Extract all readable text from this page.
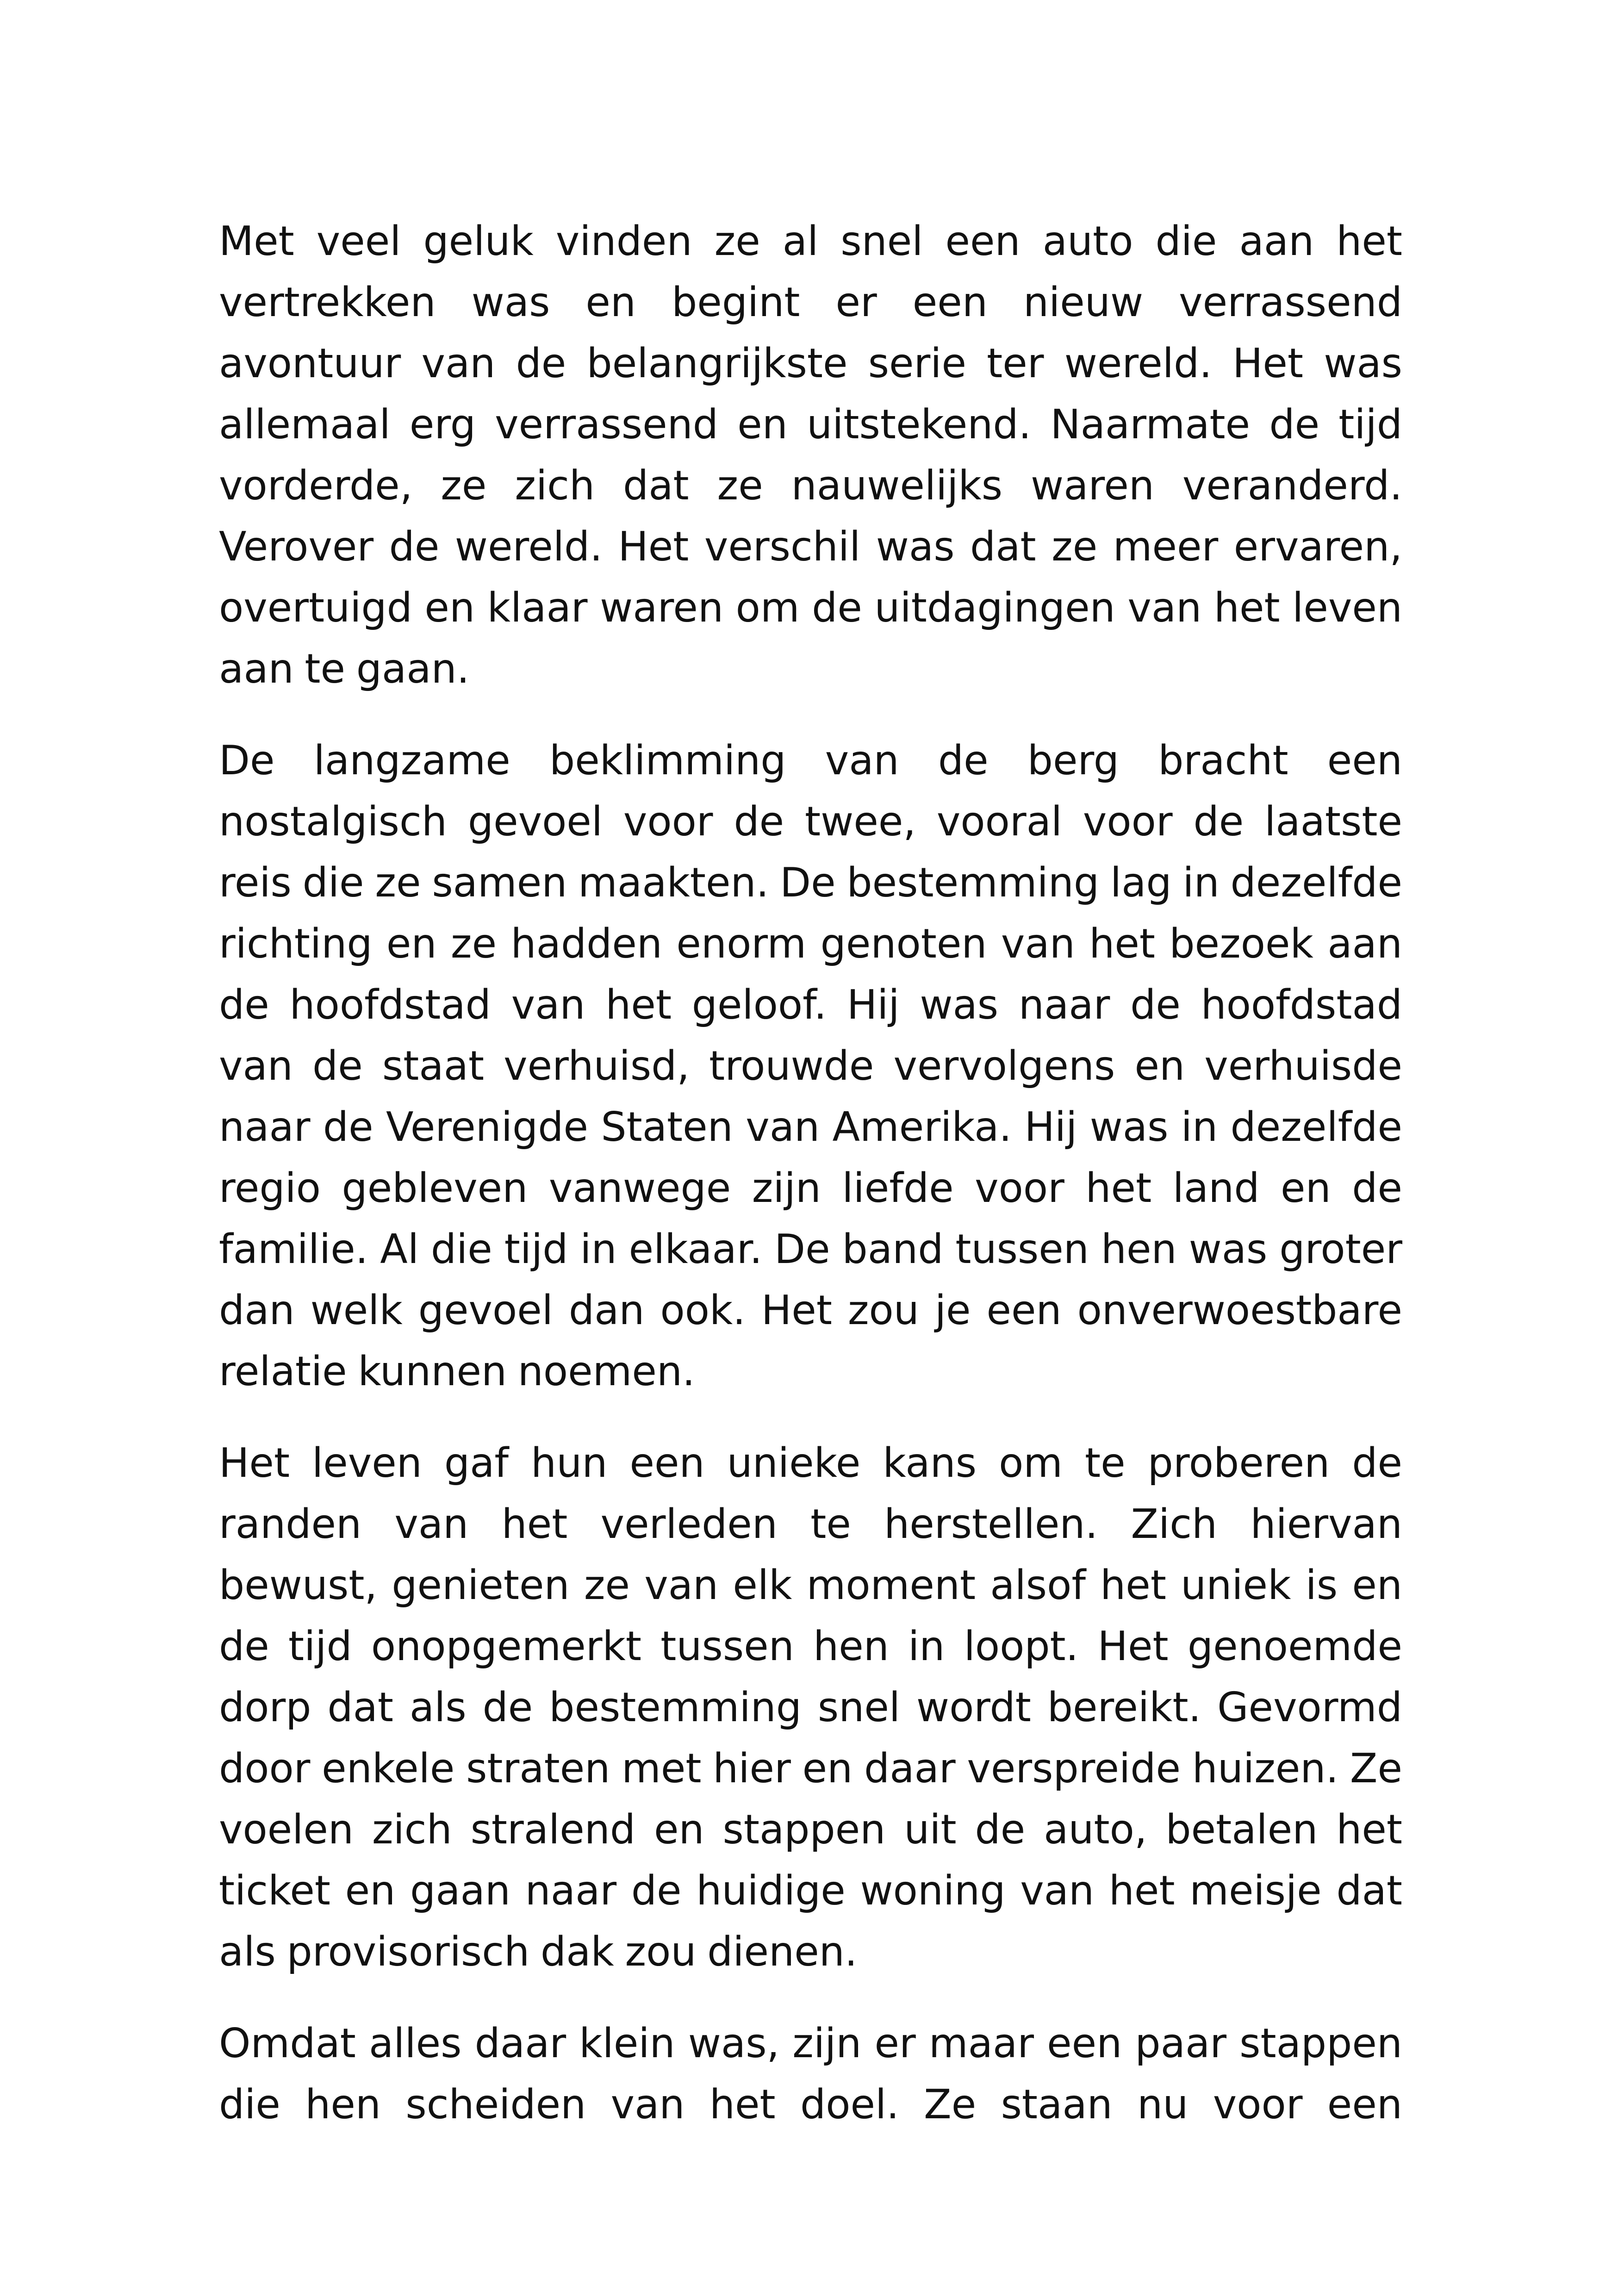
Met veel geluk vinden ze al snel een auto die aan het vertrekken was en begint er een nieuw verrassend avontuur van de belangrijkste serie ter wereld. Het was allemaal erg verrassend en uitstekend. Naarmate de tijd vorderde, ze zich dat ze nauwelijks waren veranderd. Verover de wereld. Het verschil was dat ze meer ervaren, overtuigd en klaar waren om de uitdagingen van het leven aan te gaan.

De langzame beklimming van de berg bracht een nostalgisch gevoel voor de twee, vooral voor de laatste reis die ze samen maakten. De bestemming lag in dezelfde richting en ze hadden enorm genoten van het bezoek aan de hoofdstad van het geloof. Hij was naar de hoofdstad van de staat verhuisd, trouwde vervolgens en verhuisde naar de Verenigde Staten van Amerika. Hij was in dezelfde regio gebleven vanwege zijn liefde voor het land en de familie. Al die tijd in elkaar. De band tussen hen was groter dan welk gevoel dan ook. Het zou je een onverwoestbare relatie kunnen noemen.

Het leven gaf hun een unieke kans om te proberen de randen van het verleden te herstellen. Zich hiervan bewust, genieten ze van elk moment alsof het uniek is en de tijd onopgemerkt tussen hen in loopt. Het genoemde dorp dat als de bestemming snel wordt bereikt. Gevormd door enkele straten met hier en daar verspreide huizen. Ze voelen zich stralend en stappen uit de auto, betalen het ticket en gaan naar de huidige woning van het meisje dat als provisorisch dak zou dienen.

Omdat alles daar klein was, zijn er maar een paar stappen die hen scheiden van het doel. Ze staan nu voor een
